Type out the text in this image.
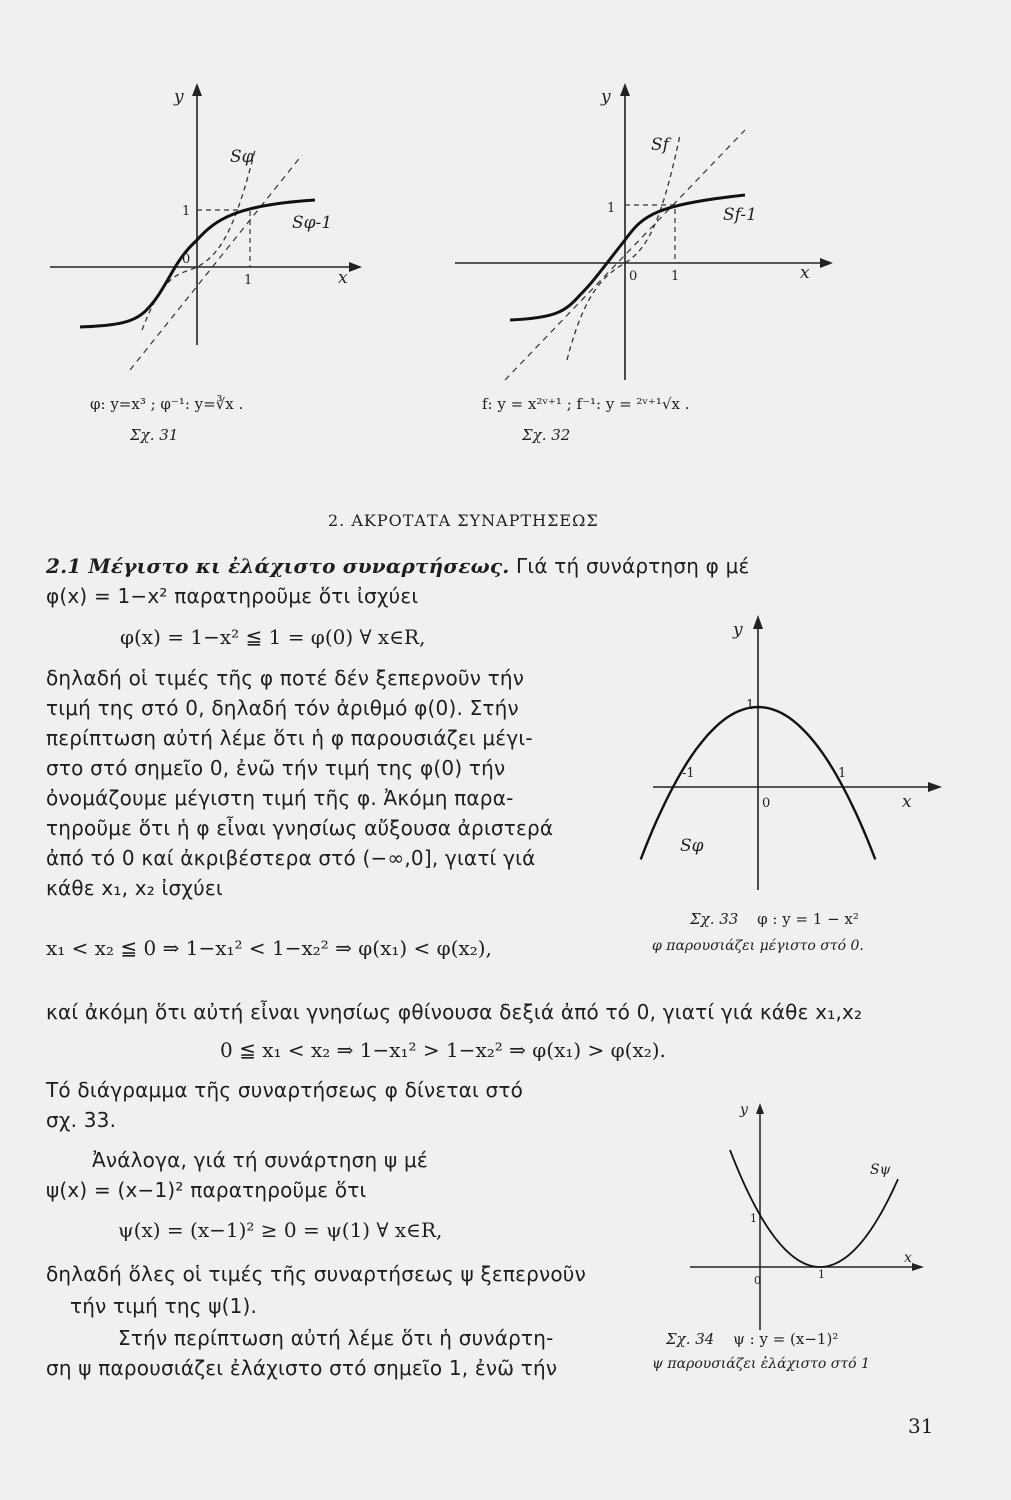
y
x
0
1
1
Sφ
Sφ-1
φ: y=x³ ; φ⁻¹: y=∛x .
Σχ. 31
y
x
0
1
1
Sf
Sf-1
f: y = x²ᵛ⁺¹ ; f⁻¹: y = ²ᵛ⁺¹√x .
Σχ. 32
2. ΑΚΡΟΤΑΤΑ ΣΥΝΑΡΤΗΣΕΩΣ
2.1 Μέγιστο κι ἐλάχιστο συναρτήσεως. Γιά τή συνάρτηση φ μέ
φ(x) = 1−x² παρατηροῦμε ὅτι ἰσχύει
φ(x) = 1−x² ≦ 1 = φ(0) ∀ x∈R,
δηλαδή οἱ τιμές τῆς φ ποτέ δέν ξεπερνοῦν τήν
τιμή της στό 0, δηλαδή τόν ἀριθμό φ(0). Στήν
περίπτωση αὐτή λέμε ὅτι ἡ φ παρουσιάζει μέγι-
στο στό σημεῖο 0, ἐνῶ τήν τιμή της φ(0) τήν
ὀνομάζουμε μέγιστη τιμή τῆς φ. Ἀκόμη παρα-
τηροῦμε ὅτι ἡ φ εἶναι γνησίως αὔξουσα ἀριστερά
ἀπό τό 0 καί ἀκριβέστερα στό (−∞,0], γιατί γιά
κάθε x₁, x₂ ἰσχύει
x₁ < x₂ ≦ 0 ⇒ 1−x₁² < 1−x₂² ⇒ φ(x₁) < φ(x₂),
y
x
1
-1	1
0
Sφ
Σχ. 33 φ : y = 1 − x²
φ παρουσιάζει μέγιστο στό 0.
καί ἀκόμη ὅτι αὐτή εἶναι γνησίως φθίνουσα δεξιά ἀπό τό 0, γιατί γιά κάθε x₁,x₂
0 ≦ x₁ < x₂ ⇒ 1−x₁² > 1−x₂² ⇒ φ(x₁) > φ(x₂).
Τό διάγραμμα τῆς συναρτήσεως φ δίνεται στό
σχ. 33.
Ἀνάλογα, γιά τή συνάρτηση ψ μέ
ψ(x) = (x−1)² παρατηροῦμε ὅτι
ψ(x) = (x−1)² ≥ 0 = ψ(1) ∀ x∈R,
δηλαδή ὅλες οἱ τιμές τῆς συναρτήσεως ψ ξεπερνοῦν
τήν τιμή της ψ(1).
Στήν περίπτωση αὐτή λέμε ὅτι ἡ συνάρτη-
ση ψ παρουσιάζει ἐλάχιστο στό σημεῖο 1, ἐνῶ τήν
y
x
0
1
1
Sψ
Σχ. 34 ψ : y = (x−1)²
ψ παρουσιάζει ἐλάχιστο στό 1
31
